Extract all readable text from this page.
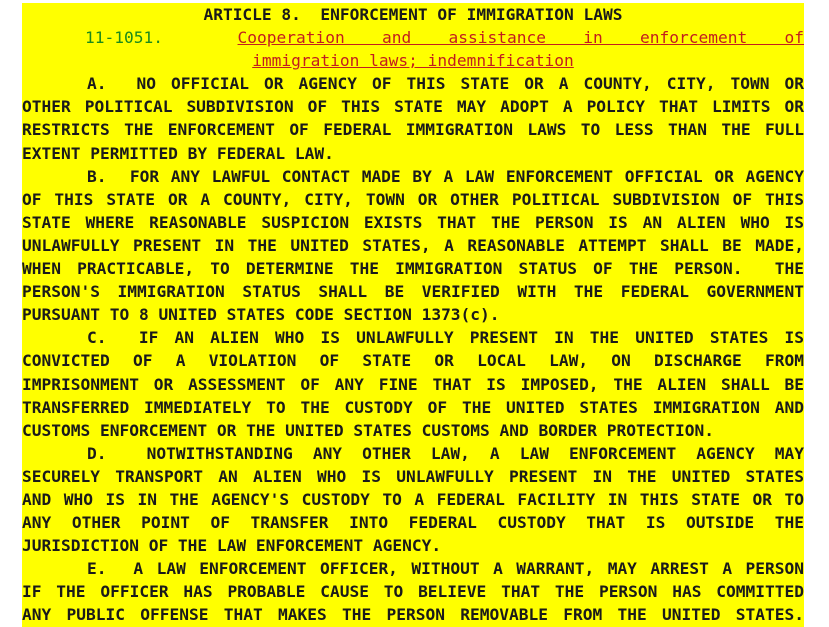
ARTICLE 8.  ENFORCEMENT OF IMMIGRATION LAWS
11-1051.	Cooperation and assistance in enforcement of
immigration laws; indemnification
A.  NO OFFICIAL OR AGENCY OF THIS STATE OR A COUNTY, CITY, TOWN OR
OTHER POLITICAL SUBDIVISION OF THIS STATE MAY ADOPT A POLICY THAT LIMITS OR
RESTRICTS THE ENFORCEMENT OF FEDERAL IMMIGRATION LAWS TO LESS THAN THE FULL
EXTENT PERMITTED BY FEDERAL LAW.
B.  FOR ANY LAWFUL CONTACT MADE BY A LAW ENFORCEMENT OFFICIAL OR AGENCY
OF THIS STATE OR A COUNTY, CITY, TOWN OR OTHER POLITICAL SUBDIVISION OF THIS
STATE WHERE REASONABLE SUSPICION EXISTS THAT THE PERSON IS AN ALIEN WHO IS
UNLAWFULLY PRESENT IN THE UNITED STATES, A REASONABLE ATTEMPT SHALL BE MADE,
WHEN PRACTICABLE, TO DETERMINE THE IMMIGRATION STATUS OF THE PERSON.  THE
PERSON'S IMMIGRATION STATUS SHALL BE VERIFIED WITH THE FEDERAL GOVERNMENT
PURSUANT TO 8 UNITED STATES CODE SECTION 1373(c).
C.  IF AN ALIEN WHO IS UNLAWFULLY PRESENT IN THE UNITED STATES IS
CONVICTED OF A VIOLATION OF STATE OR LOCAL LAW, ON DISCHARGE FROM
IMPRISONMENT OR ASSESSMENT OF ANY FINE THAT IS IMPOSED, THE ALIEN SHALL BE
TRANSFERRED IMMEDIATELY TO THE CUSTODY OF THE UNITED STATES IMMIGRATION AND
CUSTOMS ENFORCEMENT OR THE UNITED STATES CUSTOMS AND BORDER PROTECTION.
D.  NOTWITHSTANDING ANY OTHER LAW, A LAW ENFORCEMENT AGENCY MAY
SECURELY TRANSPORT AN ALIEN WHO IS UNLAWFULLY PRESENT IN THE UNITED STATES
AND WHO IS IN THE AGENCY'S CUSTODY TO A FEDERAL FACILITY IN THIS STATE OR TO
ANY OTHER POINT OF TRANSFER INTO FEDERAL CUSTODY THAT IS OUTSIDE THE
JURISDICTION OF THE LAW ENFORCEMENT AGENCY.
E.  A LAW ENFORCEMENT OFFICER, WITHOUT A WARRANT, MAY ARREST A PERSON
IF THE OFFICER HAS PROBABLE CAUSE TO BELIEVE THAT THE PERSON HAS COMMITTED
ANY PUBLIC OFFENSE THAT MAKES THE PERSON REMOVABLE FROM THE UNITED STATES.
